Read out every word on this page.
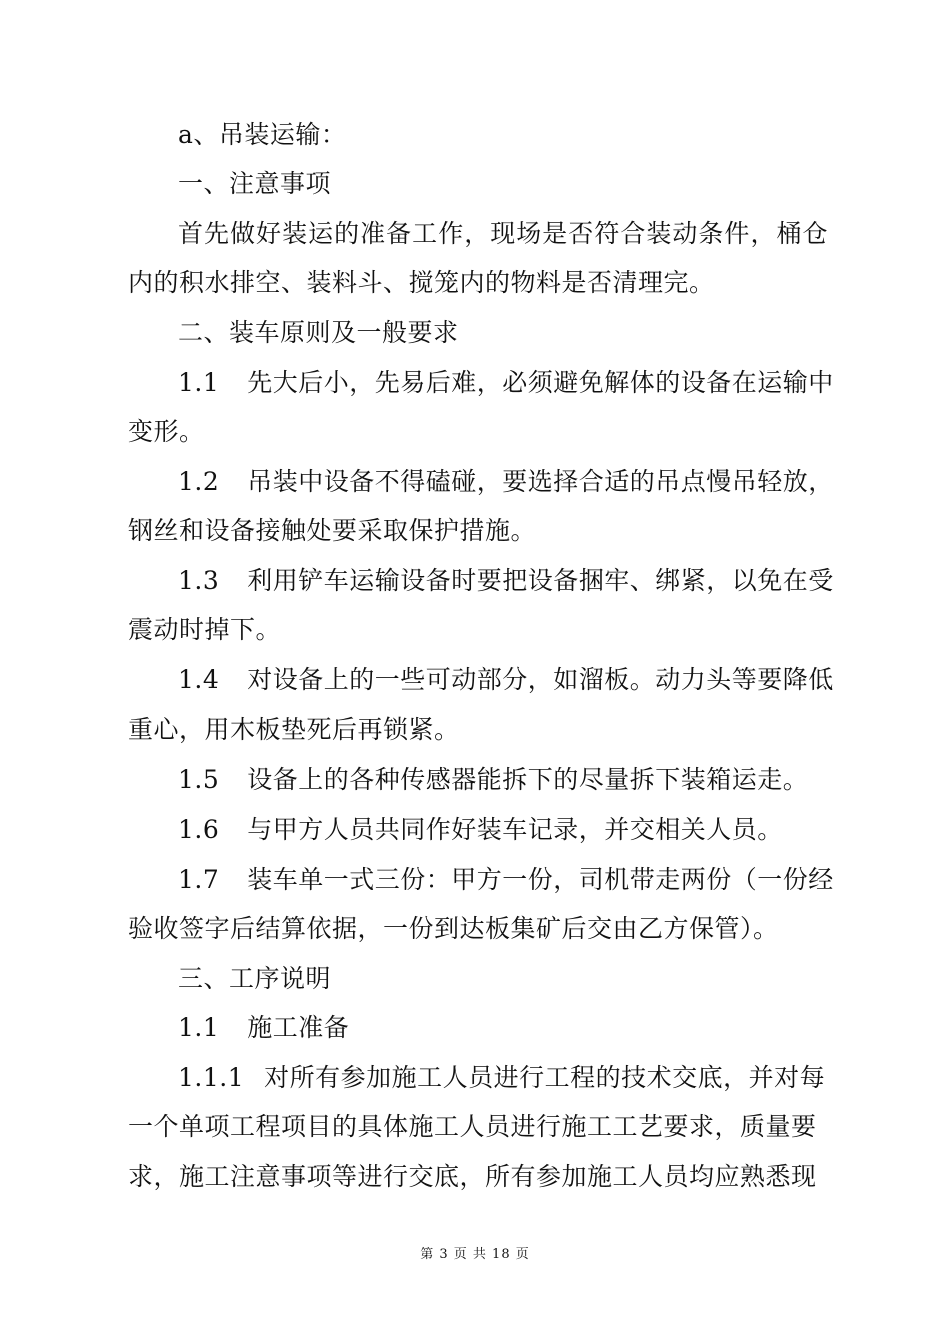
a、吊装运输：
一、注意事项
首先做好装运的准备工作，现场是否符合装动条件，桶仓
内的积水排空、装料斗、搅笼内的物料是否清理完。
二、装车原则及一般要求
1.1 先大后小，先易后难，必须避免解体的设备在运输中
变形。
1.2 吊装中设备不得磕碰，要选择合适的吊点慢吊轻放，
钢丝和设备接触处要采取保护措施。
1.3 利用铲车运输设备时要把设备捆牢、绑紧，以免在受
震动时掉下。
1.4 对设备上的一些可动部分，如溜板。动力头等要降低
重心，用木板垫死后再锁紧。
1.5 设备上的各种传感器能拆下的尽量拆下装箱运走。
1.6 与甲方人员共同作好装车记录，并交相关人员。
1.7 装车单一式三份：甲方一份，司机带走两份（一份经
验收签字后结算依据，一份到达板集矿后交由乙方保管）。
三、工序说明
1.1 施工准备
1.1.1 对所有参加施工人员进行工程的技术交底，并对每
一个单项工程项目的具体施工人员进行施工工艺要求，质量要
求，施工注意事项等进行交底，所有参加施工人员均应熟悉现
第 3 页 共 18 页
